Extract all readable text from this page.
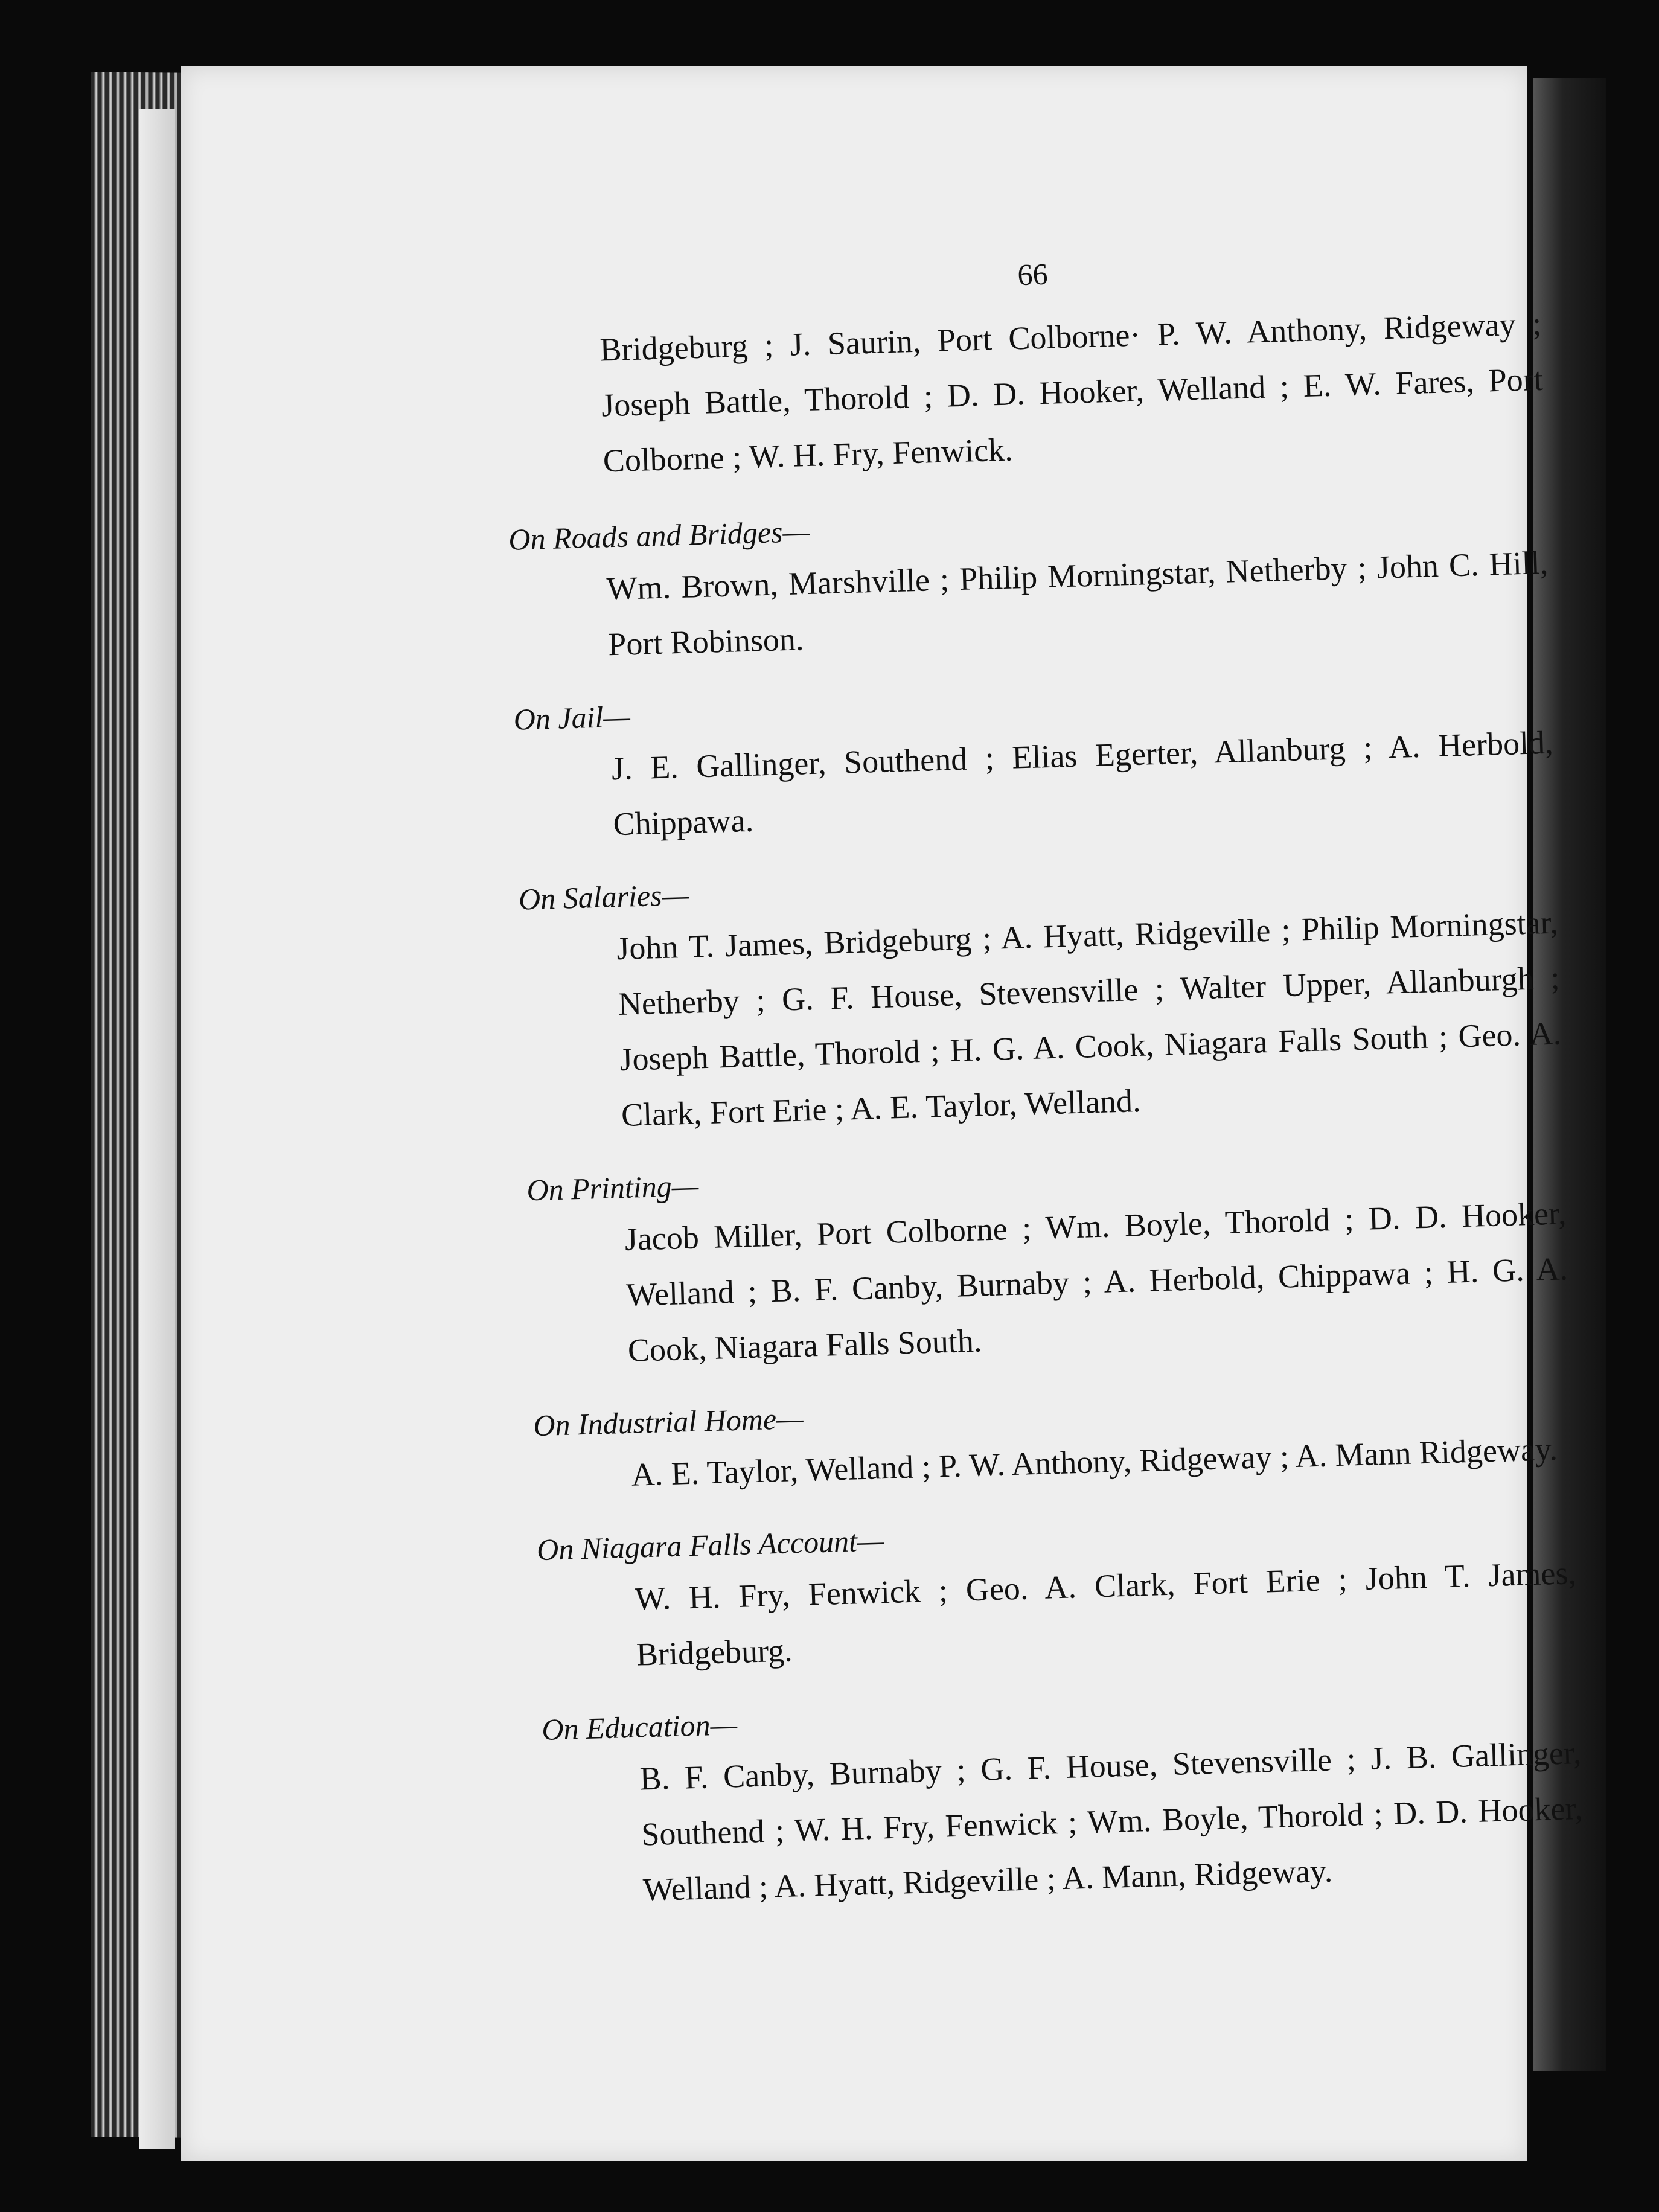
66

Bridgeburg ; J. Saurin, Port Colborne· P. W. Anthony, Ridgeway ; Joseph Battle, Thorold ; D. D. Hooker, Welland ; E. W. Fares, Port Colborne ; W. H. Fry, Fenwick.

On Roads and Bridges—

Wm. Brown, Marshville ; Philip Morningstar, Netherby ; John C. Hill, Port Robinson.

On Jail—

J. E. Gallinger, Southend ; Elias Egerter, Allanburg ; A. Herbold, Chippawa.

On Salaries—

John T. James, Bridgeburg ; A. Hyatt, Ridgeville ; Philip Morningstar, Netherby ; G. F. House, Stevensville ; Walter Upper, Allanburgh ; Joseph Battle, Thorold ; H. G. A. Cook, Niagara Falls South ; Geo. A. Clark, Fort Erie ; A. E. Taylor, Welland.

On Printing—

Jacob Miller, Port Colborne ; Wm. Boyle, Thorold ; D. D. Hooker, Welland ; B. F. Canby, Burnaby ; A. Herbold, Chippawa ; H. G. A. Cook, Niagara Falls South.

On Industrial Home—

A. E. Taylor, Welland ; P. W. Anthony, Ridgeway ; A. Mann Ridgeway.

On Niagara Falls Account—

W. H. Fry, Fenwick ; Geo. A. Clark, Fort Erie ; John T. James, Bridgeburg.

On Education—

B. F. Canby, Burnaby ; G. F. House, Stevensville ; J. B. Gallinger, Southend ; W. H. Fry, Fenwick ; Wm. Boyle, Thorold ; D. D. Hooker, Welland ; A. Hyatt, Ridgeville ; A. Mann, Ridgeway.
